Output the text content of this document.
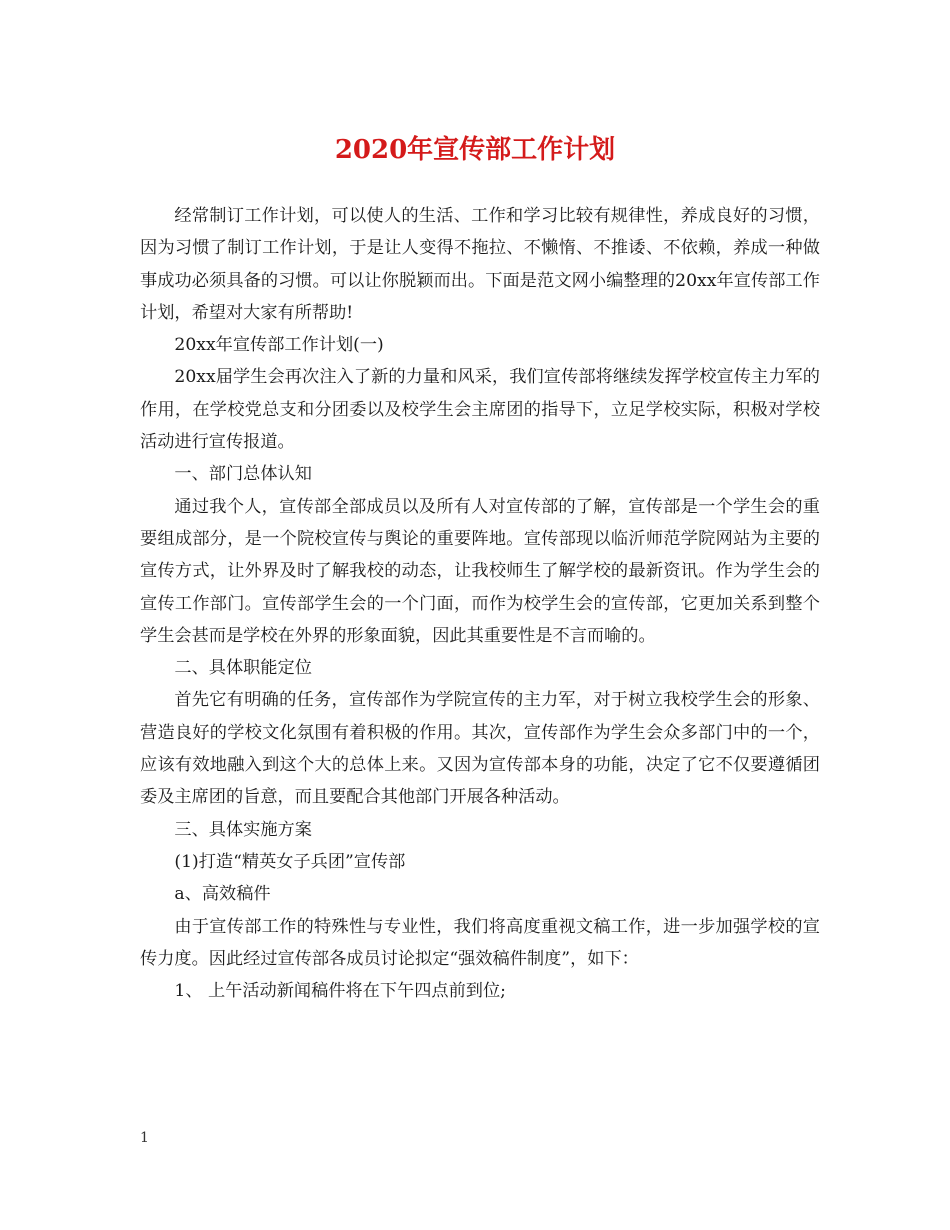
2020年宣传部工作计划

经常制订工作计划，可以使人的生活、工作和学习比较有规律性，养成良好的习惯，因为习惯了制订工作计划，于是让人变得不拖拉、不懒惰、不推诿、不依赖，养成一种做事成功必须具备的习惯。可以让你脱颖而出。下面是范文网小编整理的20xx年宣传部工作计划，希望对大家有所帮助!

20xx年宣传部工作计划(一)

20xx届学生会再次注入了新的力量和风采，我们宣传部将继续发挥学校宣传主力军的作用，在学校党总支和分团委以及校学生会主席团的指导下，立足学校实际，积极对学校活动进行宣传报道。

一、部门总体认知

通过我个人，宣传部全部成员以及所有人对宣传部的了解，宣传部是一个学生会的重要组成部分，是一个院校宣传与舆论的重要阵地。宣传部现以临沂师范学院网站为主要的宣传方式，让外界及时了解我校的动态，让我校师生了解学校的最新资讯。作为学生会的宣传工作部门。宣传部学生会的一个门面，而作为校学生会的宣传部，它更加关系到整个学生会甚而是学校在外界的形象面貌，因此其重要性是不言而喻的。

二、具体职能定位

首先它有明确的任务，宣传部作为学院宣传的主力军，对于树立我校学生会的形象、营造良好的学校文化氛围有着积极的作用。其次，宣传部作为学生会众多部门中的一个，应该有效地融入到这个大的总体上来。又因为宣传部本身的功能，决定了它不仅要遵循团委及主席团的旨意，而且要配合其他部门开展各种活动。

三、具体实施方案

(1)打造“精英女子兵团”宣传部

a、高效稿件

由于宣传部工作的特殊性与专业性，我们将高度重视文稿工作，进一步加强学校的宣传力度。因此经过宣传部各成员讨论拟定“强效稿件制度”，如下：

1、 上午活动新闻稿件将在下午四点前到位;

1
